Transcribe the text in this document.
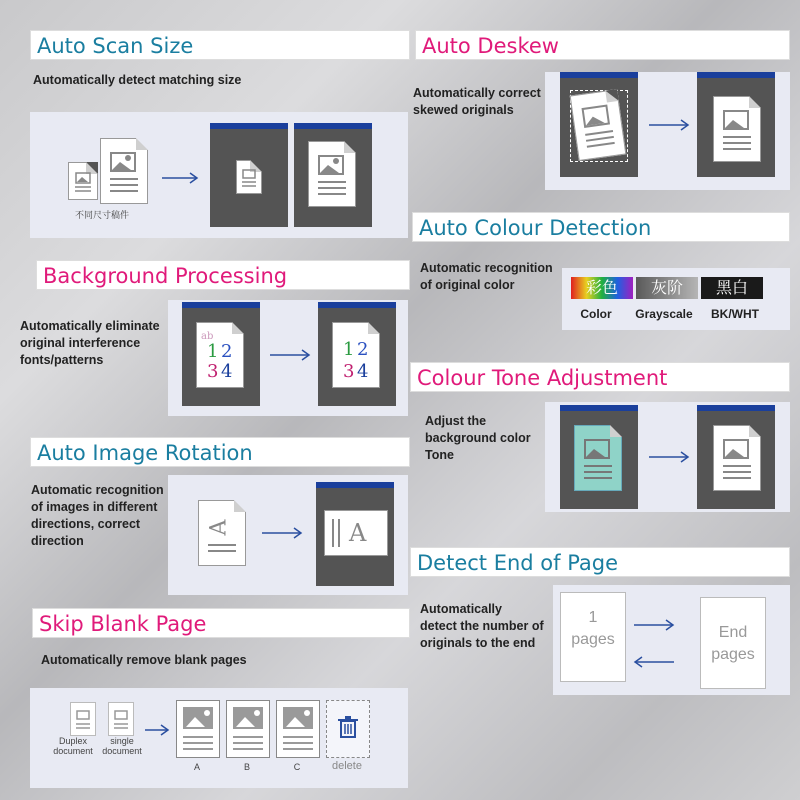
Auto Scan Size
Automatically detect matching size
不同尺寸稿件
Auto Deskew
Automatically correct
skewed originals
Auto Colour Detection
Automatic recognition
of original color	彩色	灰阶	黑白
Color	Grayscale	BK/WHT
Background Processing
Automatically eliminate
original interference
fonts/patterns
ab
1 2
3 4
1 2
3 4	Colour Tone Adjustment
Adjust the
background color
Tone
Auto Image Rotation
Automatic recognition
of images in different
directions, correct
direction
A	A
Detect End of Page
Automatically
detect the number of
originals to the end
1
pages	End
pages
Skip Blank Page
Automatically remove blank pages
Duplex
document
single
document
A	B	C	delete
